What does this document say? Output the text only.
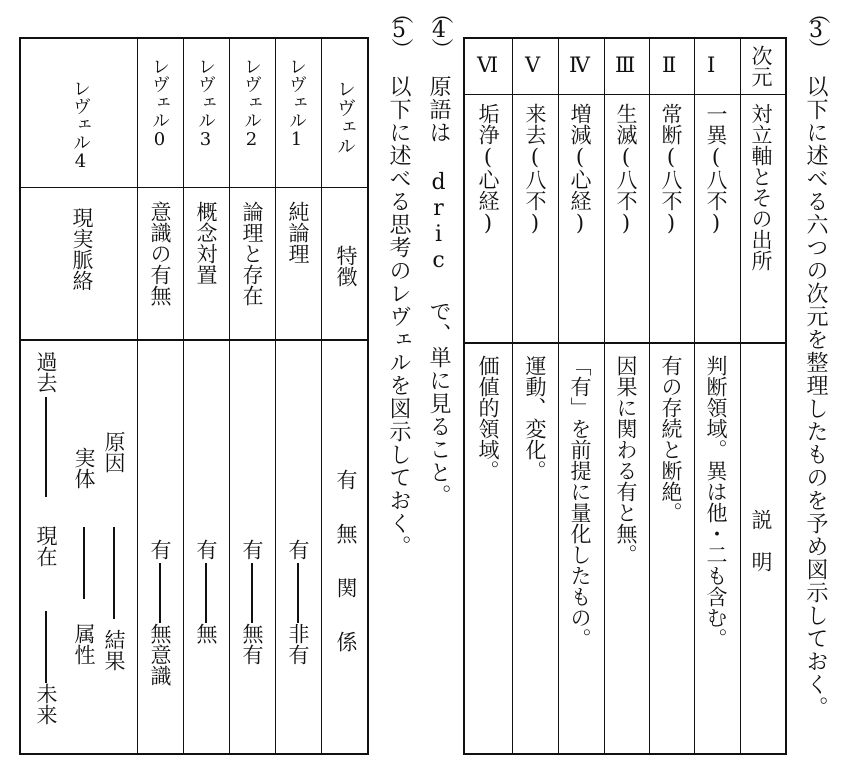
︵
3
︶
以下に述べる六つの次元を整理したものを予め図示しておく。
次元
対立軸とその出所
説　明
Ⅰ
一異(八不)
判断領域。異は他・二も含む。
Ⅱ
常断(八不)
有の存続と断絶。
Ⅲ
生滅(八不)
因果に関わる有と無。
Ⅳ
増減(心経)
「有」を前提に量化したもの。
Ⅴ
来去(八不)
運動、変化。
Ⅵ
垢浄(心経)
価値的領域。
︵
4
︶
原語は dric で、単に見ること。
︵
5
︶
以下に述べる思考のレヴェルを図示しておく。
レヴェル
特徴
有　無　関　係
レヴェル1
純論理
有
非有
レヴェル2
論理と存在
有
無有
レヴェル3
概念対置
有
無
レヴェル0
意識の有無
有
無意識
レヴェル4
現実脈絡
過去
現在
未来
原因
結果
実体
属性
